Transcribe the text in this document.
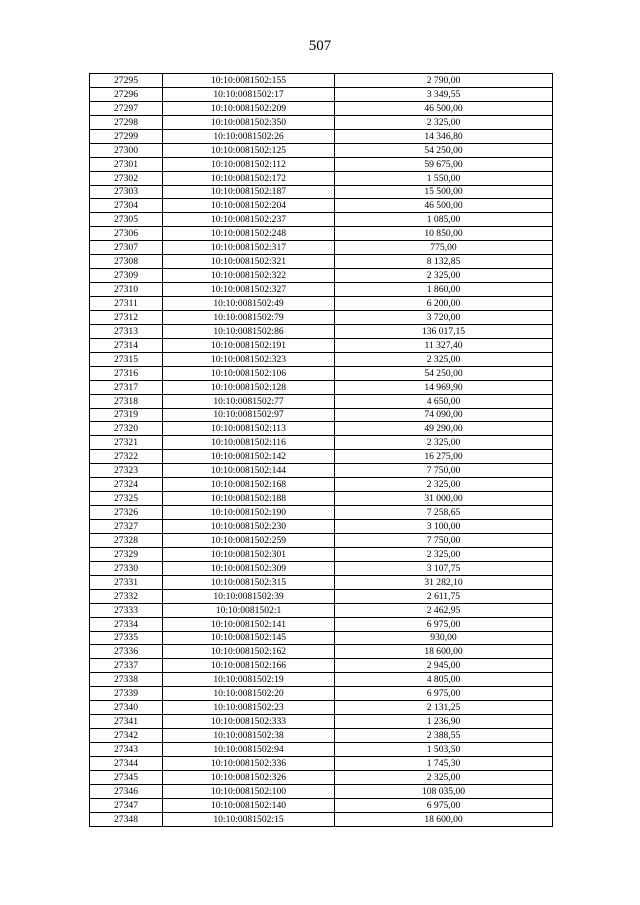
507
27295	10:10:0081502:155	2 790,00
27296	10:10:0081502:17	3 349,55
27297	10:10:0081502:209	46 500,00
27298	10:10:0081502:350	2 325,00
27299	10:10:0081502:26	14 346,80
27300	10:10:0081502:125	54 250,00
27301	10:10:0081502:112	59 675,00
27302	10:10:0081502:172	1 550,00
27303	10:10:0081502:187	15 500,00
27304	10:10:0081502:204	46 500,00
27305	10:10:0081502:237	1 085,00
27306	10:10:0081502:248	10 850,00
27307	10:10:0081502:317	775,00
27308	10:10:0081502:321	8 132,85
27309	10:10:0081502:322	2 325,00
27310	10:10:0081502:327	1 860,00
27311	10:10:0081502:49	6 200,00
27312	10:10:0081502:79	3 720,00
27313	10:10:0081502:86	136 017,15
27314	10:10:0081502:191	11 327,40
27315	10:10:0081502:323	2 325,00
27316	10:10:0081502:106	54 250,00
27317	10:10:0081502:128	14 969,90
27318	10:10:0081502:77	4 650,00
27319	10:10:0081502:97	74 090,00
27320	10:10:0081502:113	49 290,00
27321	10:10:0081502:116	2 325,00
27322	10:10:0081502:142	16 275,00
27323	10:10:0081502:144	7 750,00
27324	10:10:0081502:168	2 325,00
27325	10:10:0081502:188	31 000,00
27326	10:10:0081502:190	7 258,65
27327	10:10:0081502:230	3 100,00
27328	10:10:0081502:259	7 750,00
27329	10:10:0081502:301	2 325,00
27330	10:10:0081502:309	3 107,75
27331	10:10:0081502:315	31 282,10
27332	10:10:0081502:39	2 611,75
27333	10:10:0081502:1	2 462,95
27334	10:10:0081502:141	6 975,00
27335	10:10:0081502:145	930,00
27336	10:10:0081502:162	18 600,00
27337	10:10:0081502:166	2 945,00
27338	10:10:0081502:19	4 805,00
27339	10:10:0081502:20	6 975,00
27340	10:10:0081502:23	2 131,25
27341	10:10:0081502:333	1 236,90
27342	10:10:0081502:38	2 388,55
27343	10:10:0081502:94	1 503,50
27344	10:10:0081502:336	1 745,30
27345	10:10:0081502:326	2 325,00
27346	10:10:0081502:100	108 035,00
27347	10:10:0081502:140	6 975,00
27348	10:10:0081502:15	18 600,00
